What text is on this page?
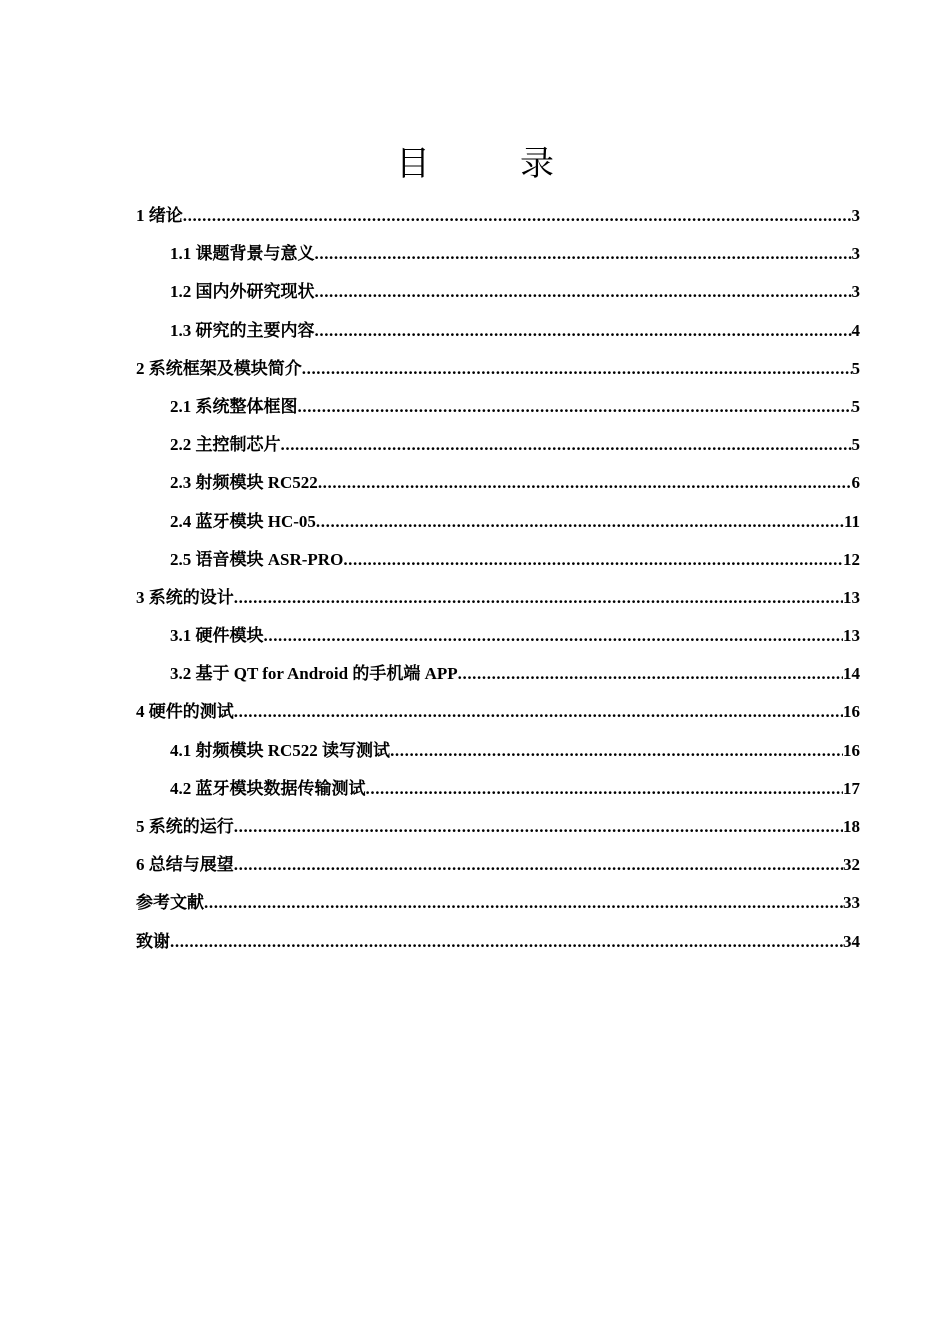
目　录
1 绪论 .....	3
1.1 课题背景与意义 .....	3
1.2 国内外研究现状 .....	3
1.3 研究的主要内容 .....	4
2 系统框架及模块简介 .....	5
2.1 系统整体框图 .....	5
2.2 主控制芯片 .....	5
2.3 射频模块 RC522 .....	6
2.4 蓝牙模块 HC-05 .....	11
2.5 语音模块 ASR-PRO .....	12
3 系统的设计 .....	13
3.1 硬件模块 .....	13
3.2 基于 QT for Android 的手机端 APP .....	14
4 硬件的测试 .....	16
4.1 射频模块 RC522 读写测试 .....	16
4.2 蓝牙模块数据传输测试 .....	17
5 系统的运行 .....	18
6 总结与展望 .....	32
参考文献 .....	33
致谢 .....	34
